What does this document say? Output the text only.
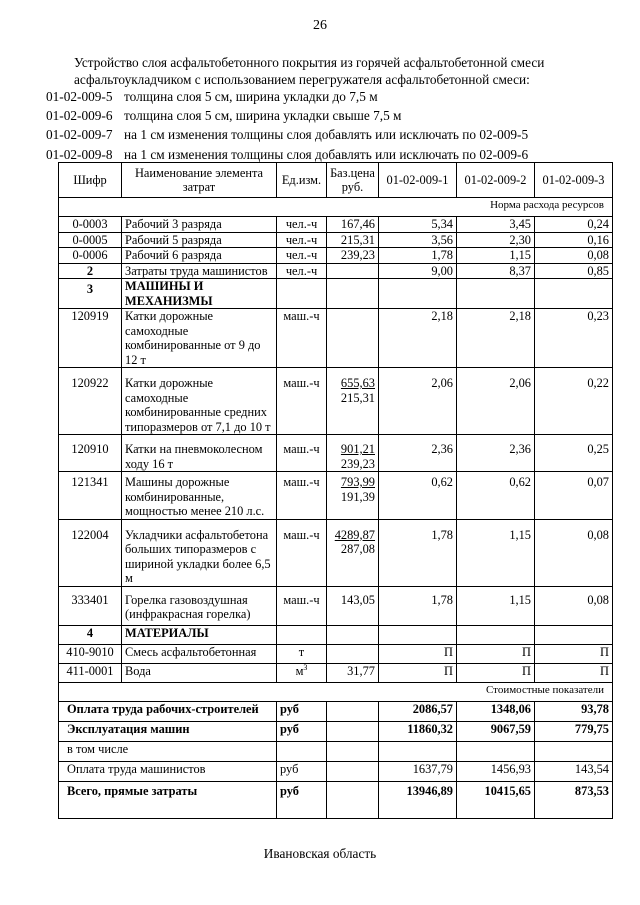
26
Устройство слоя асфальтобетонного покрытия из горячей асфальтобетонной смеси асфальтоукладчиком с использованием перегружателя асфальтобетонной смеси:
01-02-009-5 толщина слоя 5 см, ширина укладки до 7,5 м
01-02-009-6 толщина слоя 5 см, ширина укладки свыше 7,5 м
01-02-009-7 на 1 см изменения толщины слоя добавлять или исключать по 02-009-5
01-02-009-8 на 1 см изменения толщины слоя добавлять или исключать по 02-009-6
Шифр	Наименование элемента затрат	Ед.изм.	Баз.цена руб.	01-02-009-1	01-02-009-2	01-02-009-3
Норма расхода ресурсов						
0-0003	Рабочий 3 разряда	чел.-ч	167,46	5,34	3,45	0,24
0-0005	Рабочий 5 разряда	чел.-ч	215,31	3,56	2,30	0,16
0-0006	Рабочий 6 разряда	чел.-ч	239,23	1,78	1,15	0,08
2	Затраты труда машинистов	чел.-ч		9,00	8,37	0,85
3	МАШИНЫ И МЕХАНИЗМЫ					
120919	Катки дорожные самоходные комбинированные от 9 до 12 т	маш.-ч		2,18	2,18	0,23
120922	Катки дорожные самоходные комбинированные средних типоразмеров от 7,1 до 10 т	маш.-ч	655,63
215,31	2,06	2,06	0,22
120910	Катки на пневмоколесном ходу 16 т	маш.-ч	901,21
239,23	2,36	2,36	0,25
121341	Машины дорожные комбинированные, мощностью менее 210 л.с.	маш.-ч	793,99
191,39	0,62	0,62	0,07
122004	Укладчики асфальтобетона больших типоразмеров с шириной укладки более 6,5 м	маш.-ч	4289,87
287,08	1,78	1,15	0,08
333401	Горелка газовоздушная (инфракрасная горелка)	маш.-ч	143,05	1,78	1,15	0,08
4	МАТЕРИАЛЫ					
410-9010	Смесь асфальтобетонная	т		П	П	П
411-0001	Вода	$м^3$	31,77	П	П	П
Стоимостные показатели						
Оплата труда рабочих-строителей		руб		2086,57	1348,06	93,78
Эксплуатация машин		руб		11860,32	9067,59	779,75
в том числе						
Оплата труда машинистов		руб		1637,79	1456,93	143,54
Всего, прямые затраты		руб		13946,89	10415,65	873,53
Ивановская область
